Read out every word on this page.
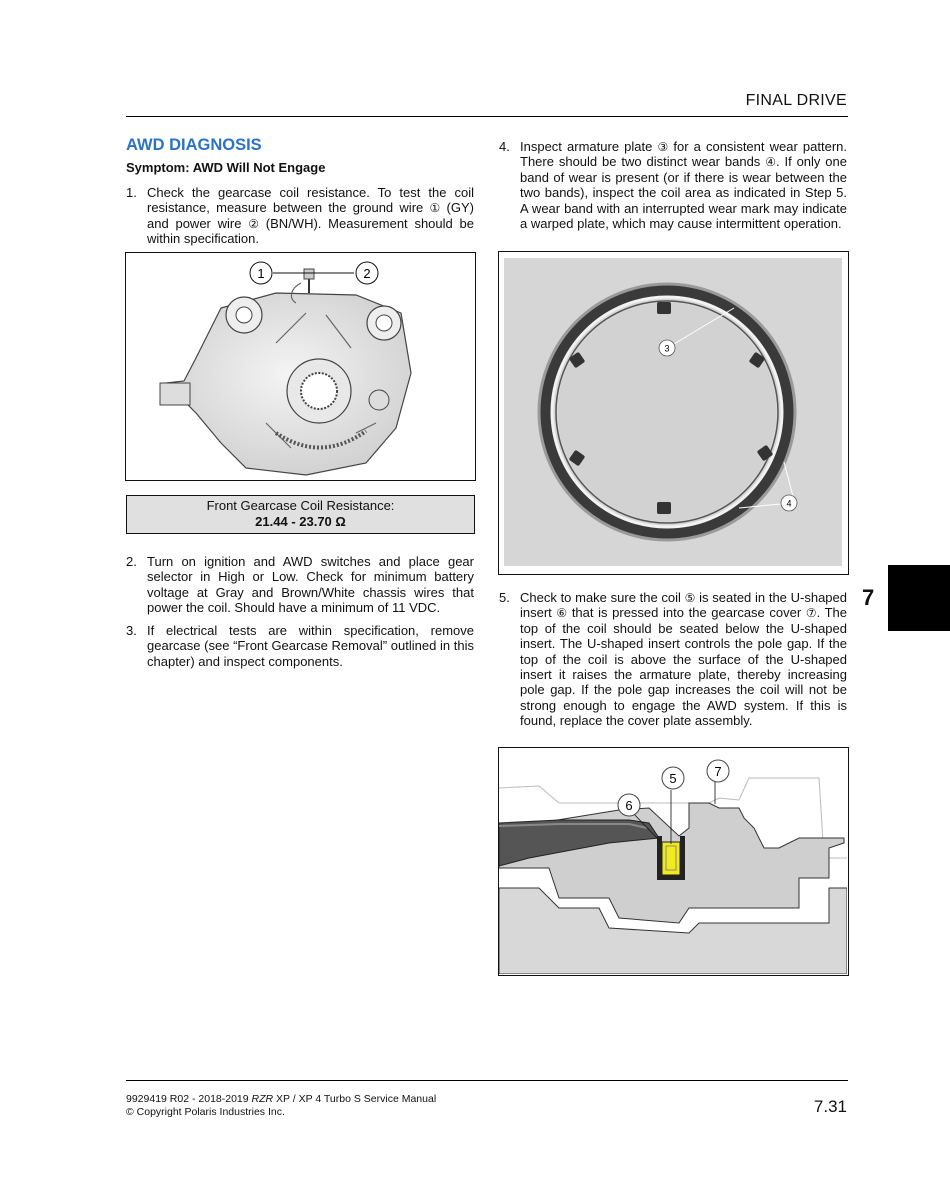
FINAL DRIVE
AWD DIAGNOSIS
Symptom: AWD Will Not Engage
1. Check the gearcase coil resistance. To test the coil resistance, measure between the ground wire ① (GY) and power wire ② (BN/WH). Measurement should be within specification.
1	2
Front Gearcase Coil Resistance:
21.44 - 23.70 Ω
2. Turn on ignition and AWD switches and place gear selector in High or Low. Check for minimum battery voltage at Gray and Brown/White chassis wires that power the coil. Should have a minimum of 11 VDC.
3. If electrical tests are within specification, remove gearcase (see “Front Gearcase Removal” outlined in this chapter) and inspect components.
4. Inspect armature plate ③ for a consistent wear pattern. There should be two distinct wear bands ④. If only one band of wear is present (or if there is wear between the two bands), inspect the coil area as indicated in Step 5. A wear band with an interrupted wear mark may indicate a warped plate, which may cause intermittent operation.
3
4
5. Check to make sure the coil ⑤ is seated in the U-shaped insert ⑥ that is pressed into the gearcase cover ⑦. The top of the coil should be seated below the U-shaped insert. The U-shaped insert controls the pole gap. If the top of the coil is above the surface of the U-shaped insert it raises the armature plate, thereby increasing pole gap. If the pole gap increases the coil will not be strong enough to engage the AWD system. If this is found, replace the cover plate assembly.
5
6
7
7
9929419 R02 - 2018-2019 RZR XP / XP 4 Turbo S Service Manual
© Copyright Polaris Industries Inc.	7.31
